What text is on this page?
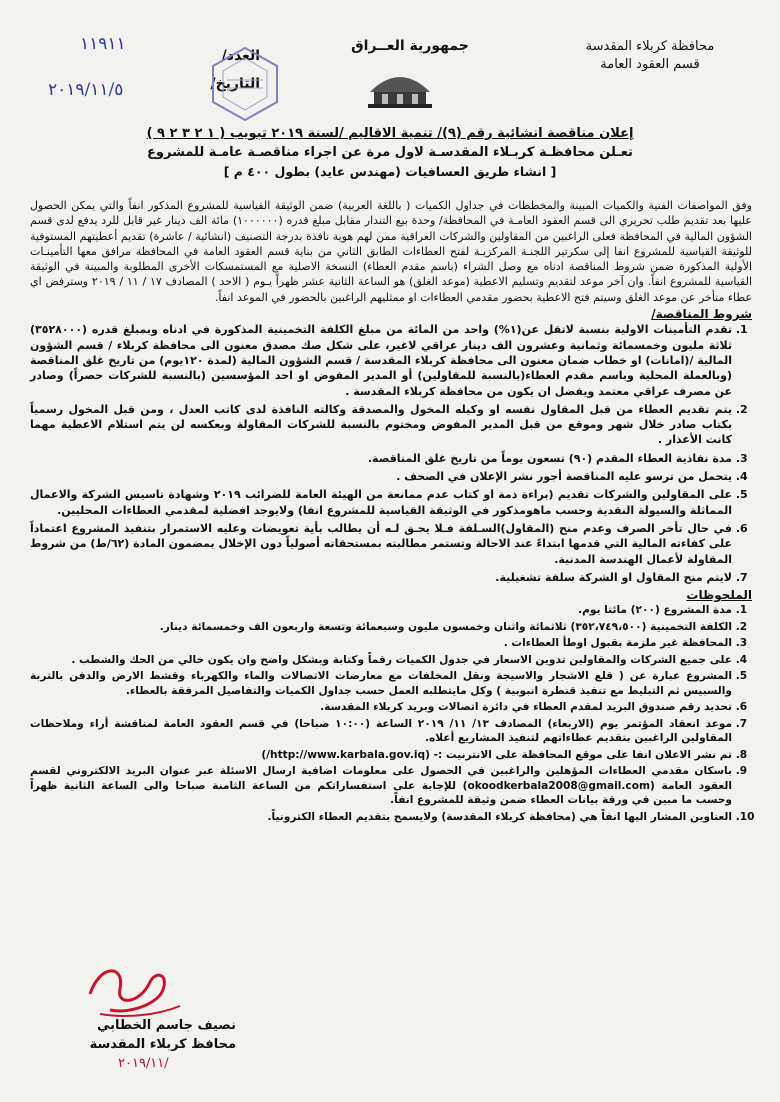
محافظة كربلاء المقدسة
قسم العقود العامة
جمهورية العــراق
العدد/
التاريخ/
١١٩١١
٢٠١٩/١١/٥
إعلان مناقصة انشائية رقم (٩)/ تنمية الاقاليم /لسنة ٢٠١٩ تبويب ( ١ ٢ ٣ ٢ ٩ )
تعـلن محافظـة كربـلاء المقدسـة لاول مرة عن اجراء مناقصـة عامـة للمشروع
[ انشاء طريق العسافيات (مهندس عايد) بطول ٤٠٠ م ]

وفق المواصفات الفنية والكميات المبينة والمخططات في جداول الكميات ( باللغة العربية) ضمن الوثيقة القياسية للمشروع المذكور انفاً والتي يمكن الحصول عليها بعد تقديم طلب تحريري الى قسم العقود العامـة في المحافظة/ وحدة بيع التندار مقابل مبلغ قدره (١٠٠٠٠٠٠) مائة الف دينار غير قابل للرد يدفع لدى قسم الشؤون المالية في المحافظة فعلى الراغبين من المقاولين والشركات العراقية ممن لهم هوية نافذة بدرجة التصنيف (انشائية / عاشرة) تقديم أعطيتهم المستوفية للوثيقة القياسية للمشروع انفا إلى سكرتير اللجنـة المركزيـة لفتح العطاءات الطابق الثاني من بناية قسم العقود العامة في المحافظة مرافق معها التأمينـات الأولية المذكورة ضمن شروط المناقصة ادناه مع وصل الشراء (باسم مقدم العطاء) النسخة الاصلية مع المستمسكات الأخرى المطلوبة والمبينة في الوثيقة القياسية للمشروع انفاً. وان آخر موعد لتقديم وتسليم الاعطية (موعد الغلق) هو الساعة الثانية عشر ظهراً يـوم ( الاحد ) المصادف ١٧ / ١١ / ٢٠١٩ وسترفض اي عطاء متأخر عن موعد الغلق وسيتم فتح الاعطية بحضور مقدمي العطاءات او ممثليهم الراغبين بالحضور في الموعد انفاً.

شروط المناقصة/
1. تقدم التأمينات الاولية بنسبة لاتقل عن(١%) واحد من المائة من مبلغ الكلفة التخمينية المذكورة في ادناه وبمبلغ قدره (٣٥٢٨٠٠٠) ثلاثة مليون وخمسمائة وثمانية وعشرون الف دينار عراقي لاغير، على شكل صك مصدق معنون الى محافظة كربلاء / قسم الشؤون المالية /(امانات) او خطاب ضمان معنون الى محافظة كربلاء المقدسة / قسم الشؤون المالية (لمدة ١٢٠يوم) من تاريخ غلق المناقصة (وبالعملة المحلية وباسم مقدم العطاء(بالنسبة للمقاولين) أو المدير المفوض او احد المؤسسين (بالنسبة للشركات حصراً) وصادر عن مصرف عراقي معتمد ويفضل ان يكون من محافظة كربلاء المقدسة .
2. يتم تقديم العطاء من قبل المقاول نفسه او وكيله المخول والمصدقة وكالته النافذة لدى كاتب العدل ، ومن قبل المخول رسمياً بكتاب صادر خلال شهر وموقع من قبل المدير المفوض ومختوم بالنسبة للشركات المقاولة وبعكسه لن يتم استلام الاعطية مهما كانت الأعذار .
3. مدة نفاذية العطاء المقدم (٩٠) تسعون يوماً من تاريخ غلق المناقصة.
4. يتحمل من ترسو عليه المناقصة أجور نشر الإعلان في الصحف .
5. على المقاولين والشركات تقديم (براءة ذمة او كتاب عدم ممانعة من الهيئة العامة للضرائب ٢٠١٩ وشهادة تاسيس الشركة والاعمال المماثلة والسيولة النقدية وحسب ماهومذكور في الوثيقة القياسية للمشروع انفا) ولايوجد افضلية لمقدمي العطاءات المحليين.
6. في حال تأخر الصرف وعدم منح (المقاول)السـلفة فـلا يحـق لـه أن يطالب بأية تعويضات وعليه الاستمرار بتنفيذ المشروع اعتماداً على كفاءته المالية التي قدمها ابتداءً عند الاحالة وتستمر مطالبته بمستحقاته أصولياً دون الإخلال بمضمون المادة (٦٢/ط) من شروط المقاولة لأعمال الهندسة المدنية.
7. لايتم منح المقاول او الشركة سلفة تشغيلية.
الملحوظات
1. مدة المشروع (٢٠٠) مائتا يوم.
2. الكلفة التخمينية (٣٥٢،٧٤٩،٥٠٠) ثلاثمائة واثنان وخمسون مليون وسبعمائة وتسعة واربعون الف وخمسمائة دينار.
3. المحافظة غير ملزمة بقبول اوطأ العطاءات .
4. على جميع الشركات والمقاولين تدوين الاسعار في جدول الكميات رقماً وكتابة وبشكل واضح وان يكون خالي من الحك والشطب .
5. المشروع عبارة عن ( قلع الاشجار والاسيجة ونقل المخلفات مع معارضات الاتصالات والماء والكهرباء وقشط الارض والدفن بالتربة والسبيس ثم التبليط مع تنفيذ قنطرة انبوبية ) وكل مايتطلبه العمل حسب جداول الكميات والتفاصيل المرفقة بالعطاء.
6. تحديد رقم صندوق البريد لمقدم العطاء في دائرة اتصالات وبريد كربلاء المقدسة.
7. موعد انعقاد المؤتمر يوم (الاربعاء) المصادف ١٣/ ١١/ ٢٠١٩ الساعة (١٠:٠٠ صباحا) في قسم العقود العامة لمناقشة أراء وملاحظات المقاولين الراغبين بتقديم عطاءاتهم لتنفيذ المشاريع أعلاه.
8. تم نشر الاعلان انفا على موقع المحافظة على الانترنيت :- (http://www.karbala.gov.iq/)
9. باسكان مقدمي العطاءات المؤهلين والراغبين في الحصول على معلومات اضافية ارسال الاسئلة عبر عنوان البريد الالكتروني لقسم العقود العامة (okoodkerbala2008@gmail.com) للإجابة على استفساراتكم من الساعة الثامنة صباحا والى الساعة الثانية ظهراً وحسب ما مبين في ورقة بيانات العطاء ضمن وثيقة للمشروع انفاً.
10. العناوين المشار اليها انفاً هي (محافظة كربلاء المقدسة) ولايسمح بتقديم العطاء الكترونياً.
نصيف جاسم الخطابي
محافظ كربلاء المقدسة
٢٠١٩/١١/
